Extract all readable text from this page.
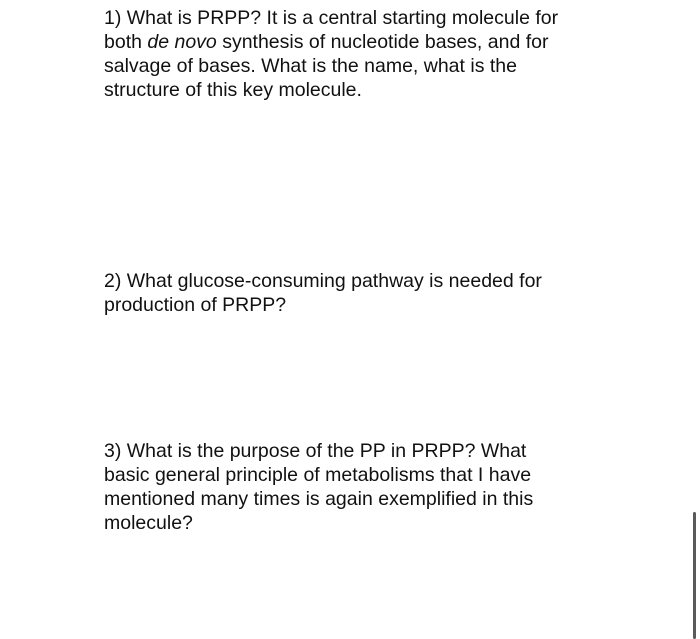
1) What is PRPP? It is a central starting molecule for
both de novo synthesis of nucleotide bases, and for
salvage of bases. What is the name, what is the
structure of this key molecule.
2) What glucose-consuming pathway is needed for
production of PRPP?
3) What is the purpose of the PP in PRPP? What
basic general principle of metabolisms that I have
mentioned many times is again exemplified in this
molecule?
